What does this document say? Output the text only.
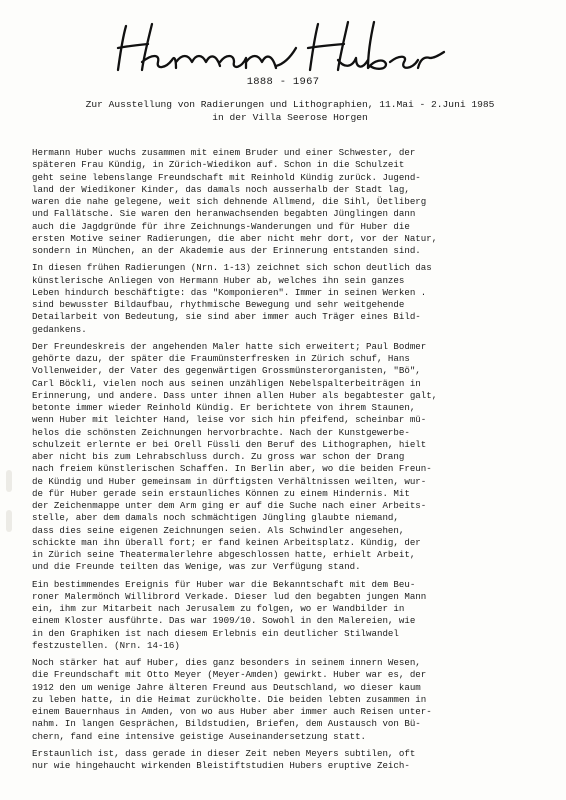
1888 - 1967
Zur Ausstellung von Radierungen und Lithographien, 11.Mai - 2.Juni 1985
in der Villa Seerose Horgen
Hermann Huber wuchs zusammen mit einem Bruder und einer Schwester, der
späteren Frau Kündig, in Zürich-Wiedikon auf. Schon in die Schulzeit
geht seine lebenslange Freundschaft mit Reinhold Kündig zurück. Jugend-
land der Wiedikoner Kinder, das damals noch ausserhalb der Stadt lag,
waren die nahe gelegene, weit sich dehnende Allmend, die Sihl, Üetliberg
und Fallätsche. Sie waren den heranwachsenden begabten Jünglingen dann
auch die Jagdgründe für ihre Zeichnungs-Wanderungen und für Huber die
ersten Motive seiner Radierungen, die aber nicht mehr dort, vor der Natur,
sondern in München, an der Akademie aus der Erinnerung entstanden sind.
In diesen frühen Radierungen (Nrn. 1-13) zeichnet sich schon deutlich das
künstlerische Anliegen von Hermann Huber ab, welches ihn sein ganzes
Leben hindurch beschäftigte: das "Komponieren". Immer in seinen Werken .
sind bewusster Bildaufbau, rhythmische Bewegung und sehr weitgehende
Detailarbeit von Bedeutung, sie sind aber immer auch Träger eines Bild-
gedankens.
Der Freundeskreis der angehenden Maler hatte sich erweitert; Paul Bodmer
gehörte dazu, der später die Fraumünsterfresken in Zürich schuf, Hans
Vollenweider, der Vater des gegenwärtigen Grossmünsterorganisten, "Bö",
Carl Böckli, vielen noch aus seinen unzähligen Nebelspalterbeiträgen in
Erinnerung, und andere. Dass unter ihnen allen Huber als begabtester galt,
betonte immer wieder Reinhold Kündig. Er berichtete von ihrem Staunen,
wenn Huber mit leichter Hand, leise vor sich hin pfeifend, scheinbar mü-
helos die schönsten Zeichnungen hervorbrachte. Nach der Kunstgewerbe-
schulzeit erlernte er bei Orell Füssli den Beruf des Lithographen, hielt
aber nicht bis zum Lehrabschluss durch. Zu gross war schon der Drang
nach freiem künstlerischen Schaffen. In Berlin aber, wo die beiden Freun-
de Kündig und Huber gemeinsam in dürftigsten Verhältnissen weilten, wur-
de für Huber gerade sein erstaunliches Können zu einem Hindernis. Mit
der Zeichenmappe unter dem Arm ging er auf die Suche nach einer Arbeits-
stelle, aber dem damals noch schmächtigen Jüngling glaubte niemand,
dass dies seine eigenen Zeichnungen seien. Als Schwindler angesehen,
schickte man ihn überall fort; er fand keinen Arbeitsplatz. Kündig, der
in Zürich seine Theatermalerlehre abgeschlossen hatte, erhielt Arbeit,
und die Freunde teilten das Wenige, was zur Verfügung stand.
Ein bestimmendes Ereignis für Huber war die Bekanntschaft mit dem Beu-
roner Malermönch Willibrord Verkade. Dieser lud den begabten jungen Mann
ein, ihm zur Mitarbeit nach Jerusalem zu folgen, wo er Wandbilder in
einem Kloster ausführte. Das war 1909/10. Sowohl in den Malereien, wie
in den Graphiken ist nach diesem Erlebnis ein deutlicher Stilwandel
festzustellen. (Nrn. 14-16)
Noch stärker hat auf Huber, dies ganz besonders in seinem innern Wesen,
die Freundschaft mit Otto Meyer (Meyer-Amden) gewirkt. Huber war es, der
1912 den um wenige Jahre älteren Freund aus Deutschland, wo dieser kaum
zu leben hatte, in die Heimat zurückholte. Die beiden lebten zusammen in
einem Bauernhaus in Amden, von wo aus Huber aber immer auch Reisen unter-
nahm. In langen Gesprächen, Bildstudien, Briefen, dem Austausch von Bü-
chern, fand eine intensive geistige Auseinandersetzung statt.
Erstaunlich ist, dass gerade in dieser Zeit neben Meyers subtilen, oft
nur wie hingehaucht wirkenden Bleistiftstudien Hubers eruptive Zeich-
